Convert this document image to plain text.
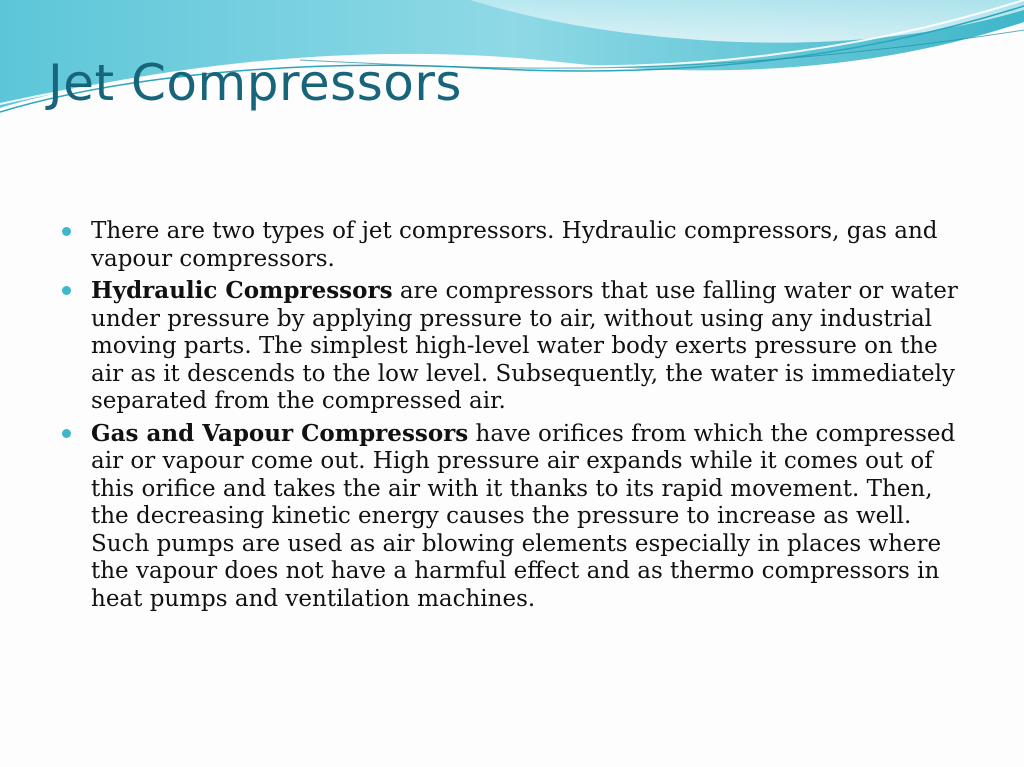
Jet Compressors
There are two types of jet compressors. Hydraulic compressors, gas and vapour compressors.
Hydraulic Compressors are compressors that use falling water or water under pressure by applying pressure to air, without using any industrial moving parts. The simplest high-level water body exerts pressure on the air as it descends to the low level. Subsequently, the water is immediately separated from the compressed air.
Gas and Vapour Compressors have orifices from which the compressed air or vapour come out. High pressure air expands while it comes out of this orifice and takes the air with it thanks to its rapid movement. Then, the decreasing kinetic energy causes the pressure to increase as well. Such pumps are used as air blowing elements especially in places where the vapour does not have a harmful effect and as thermo compressors in heat pumps and ventilation machines.
